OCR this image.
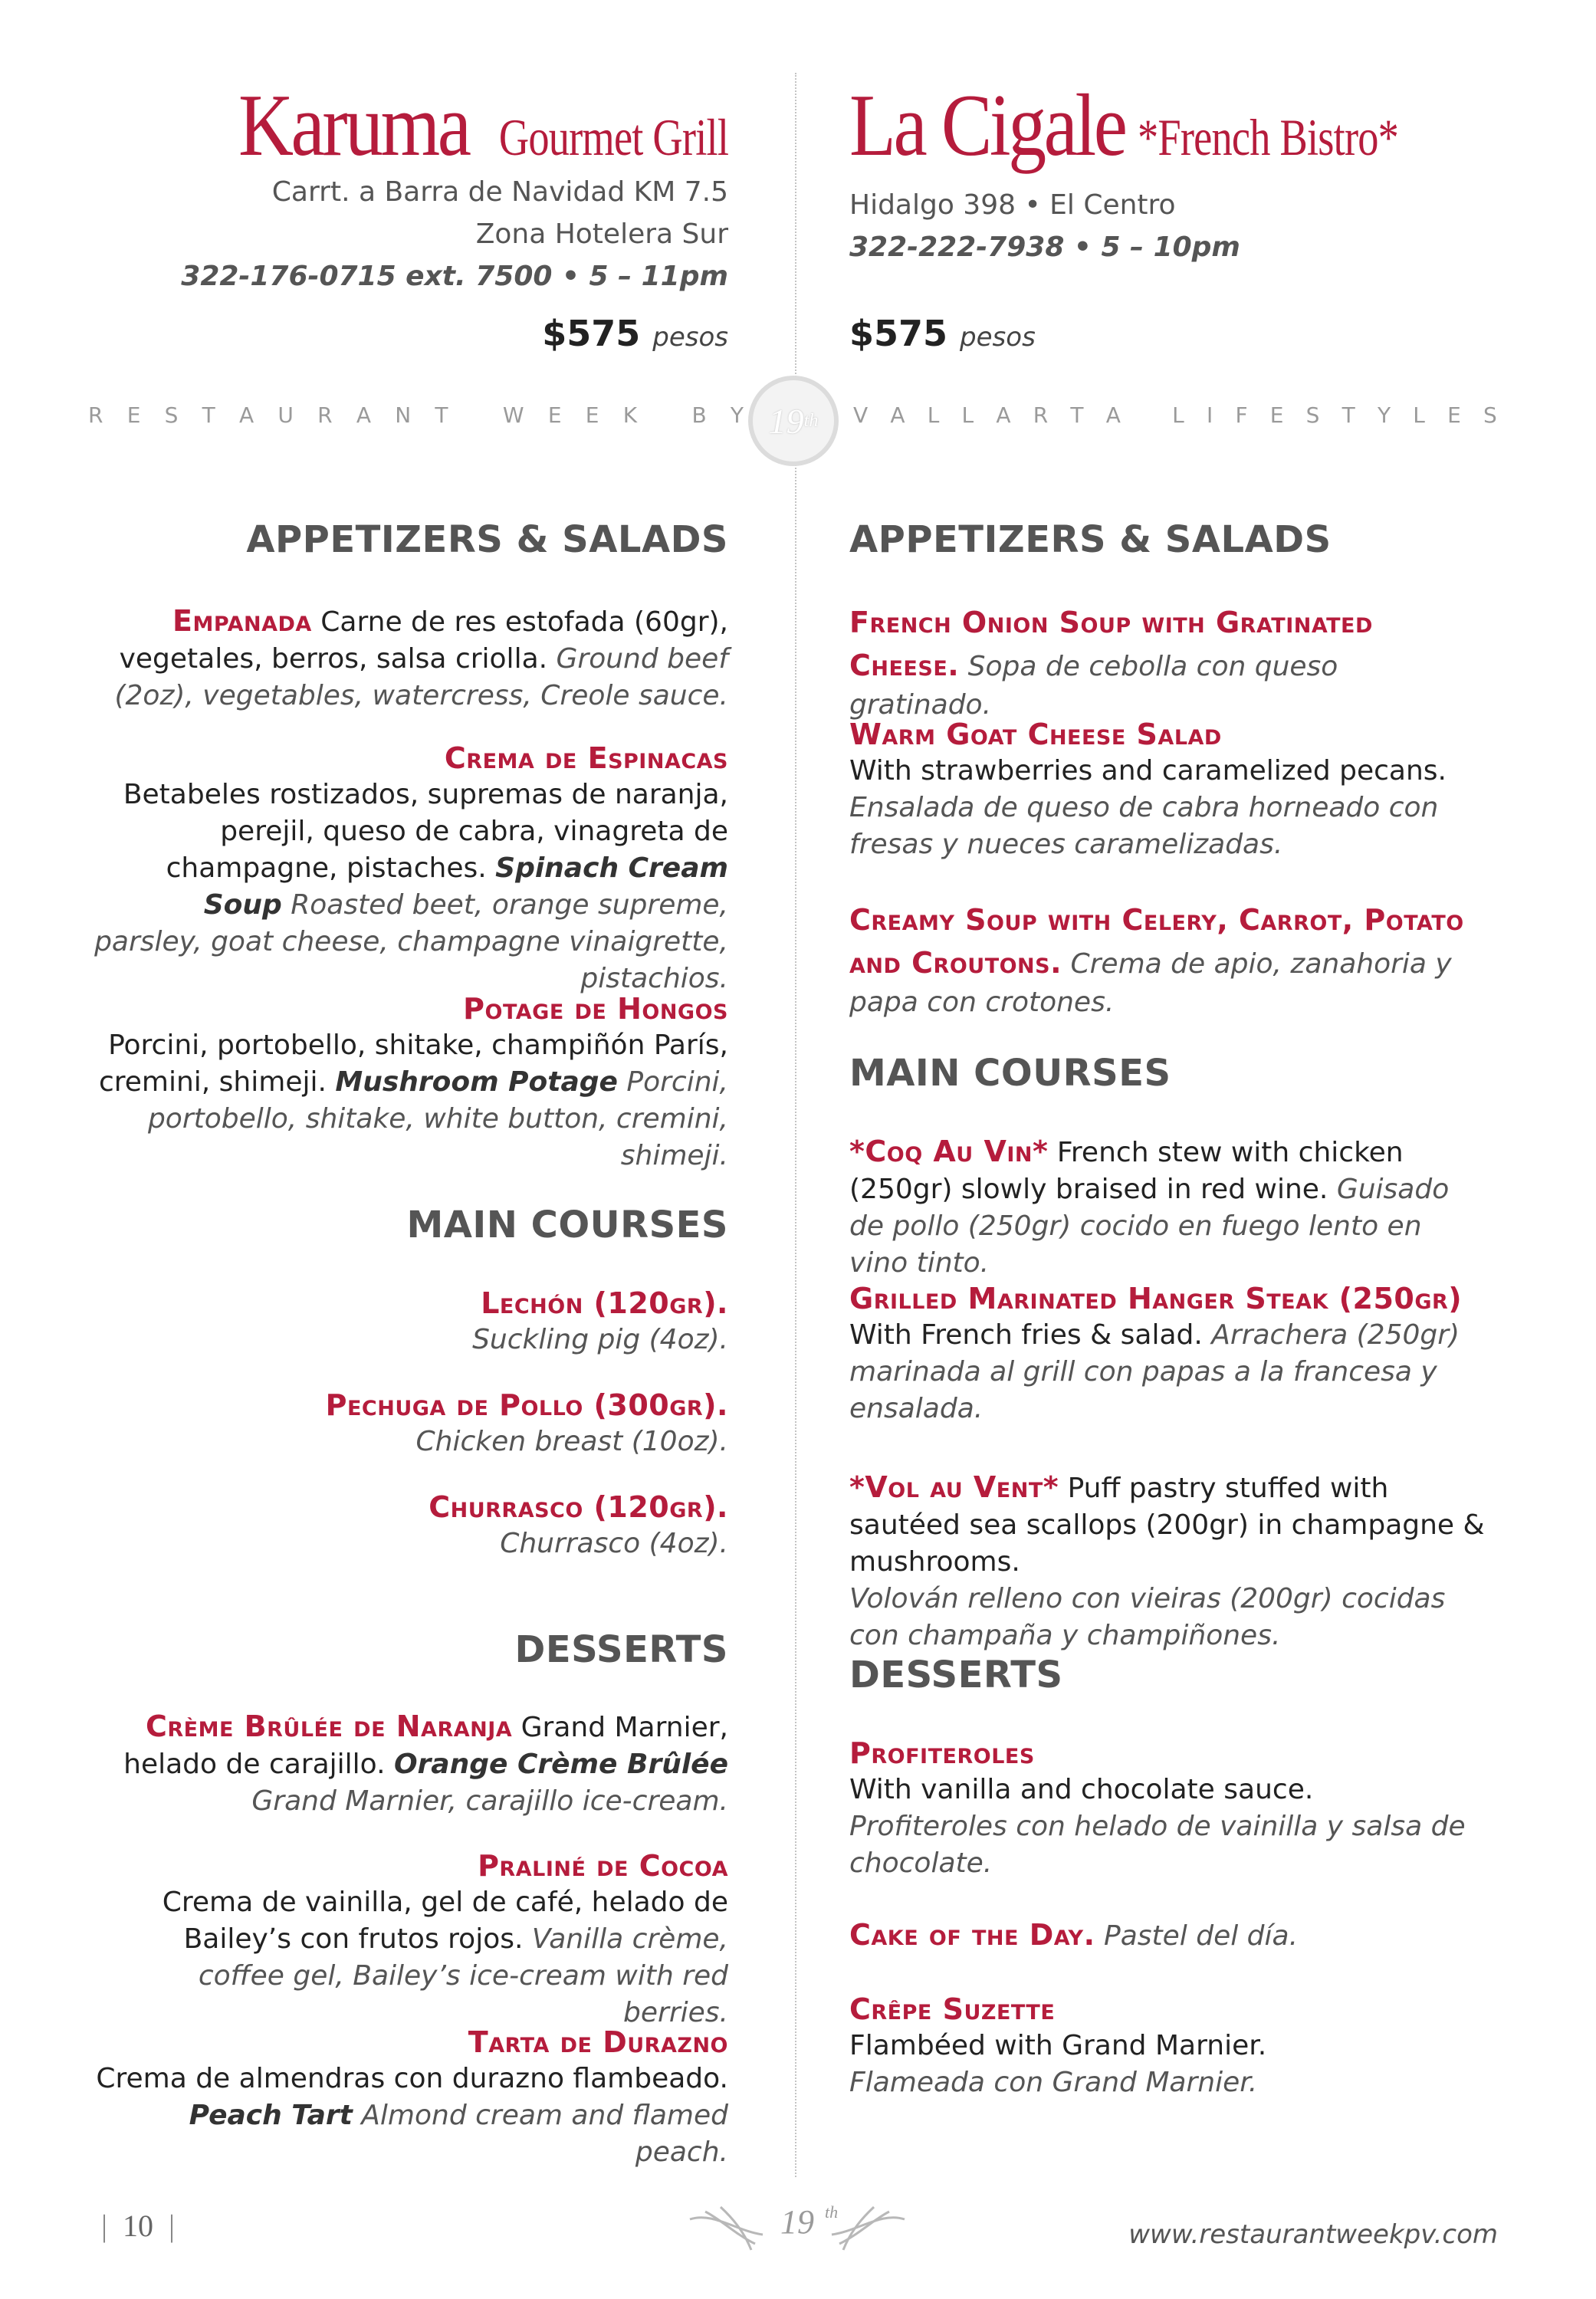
Karuma Gourmet Grill
Carrt. a Barra de Navidad KM 7.5
Zona Hotelera Sur
322-176-0715 ext. 7500 • 5 – 11pm
$575 pesos
APPETIZERS & SALADS
Empanada Carne de res estofada (60gr), vegetales, berros, salsa criolla. Ground beef (2oz), vegetables, watercress, Creole sauce.
Crema de Espinacas
Betabeles rostizados, supremas de naranja, perejil, queso de cabra, vinagreta de champagne, pistaches. Spinach Cream Soup Roasted beet, orange supreme, parsley, goat cheese, champagne vinaigrette, pistachios.
Potage de Hongos
Porcini, portobello, shitake, champiñón París, cremini, shimeji. Mushroom Potage Porcini, portobello, shitake, white button, cremini, shimeji.
MAIN COURSES
Lechón (120gr).
Suckling pig (4oz).
Pechuga de Pollo (300gr).
Chicken breast (10oz).
Churrasco (120gr).
Churrasco (4oz).
DESSERTS
Crème Brûlée de Naranja Grand Marnier, helado de carajillo. Orange Crème Brûlée Grand Marnier, carajillo ice-cream.
Praliné de Cocoa
Crema de vainilla, gel de café, helado de Bailey’s con frutos rojos. Vanilla crème, coffee gel, Bailey’s ice-cream with red berries.
Tarta de Durazno
Crema de almendras con durazno flambeado. Peach Tart Almond cream and flamed peach.
La Cigale *French Bistro*
Hidalgo 398 • El Centro
322-222-7938 • 5 – 10pm
$575 pesos
APPETIZERS & SALADS
French Onion Soup with Gratinated Cheese. Sopa de cebolla con queso gratinado.
Warm Goat Cheese Salad
With strawberries and caramelized pecans.
Ensalada de queso de cabra horneado con fresas y nueces caramelizadas.
Creamy Soup with Celery, Carrot, Potato and Croutons. Crema de apio, zanahoria y papa con crotones.
MAIN COURSES
*Coq Au Vin* French stew with chicken (250gr) slowly braised in red wine. Guisado de pollo (250gr) cocido en fuego lento en vino tinto.
Grilled Marinated Hanger Steak (250gr)
With French fries & salad. Arrachera (250gr) marinada al grill con papas a la francesa y ensalada.
*Vol au Vent* Puff pastry stuffed with sautéed sea scallops (200gr) in champagne & mushrooms.
Volován relleno con vieiras (200gr) cocidas con champaña y champiñones.
DESSERTS
Profiteroles
With vanilla and chocolate sauce.
Profiteroles con helado de vainilla y salsa de chocolate.
Cake of the Day. Pastel del día.
Crêpe Suzette
Flambéed with Grand Marnier.
Flameada con Grand Marnier.
R E S T A U R A N T
	W E E K
	B Y	V A L L A R T A
L I F E S T Y L E S
19 th
| 10 |	19 th
www.restaurantweekpv.com
